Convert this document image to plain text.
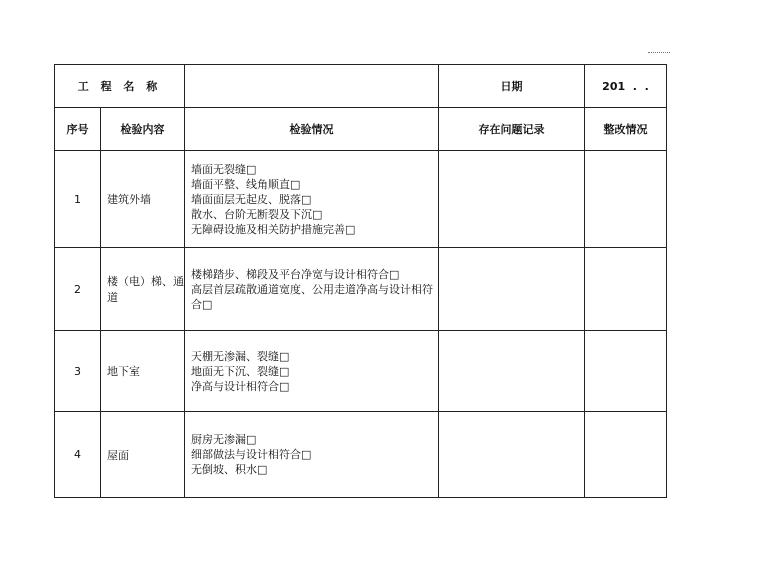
工 程 名 称			日期	201  .  .
序号	检验内容	检验情况	存在问题记录	整改情况
1	建筑外墙	墙面无裂缝□
墙面平整、线角顺直□
墙面面层无起皮、脱落□
散水、台阶无断裂及下沉□
无障碍设施及相关防护措施完善□		

2	楼（电）梯、通道	楼梯踏步、梯段及平台净宽与设计相符合□
高层首层疏散通道宽度、公用走道净高与设计相符合□		

3	地下室	天棚无渗漏、裂缝□
地面无下沉、裂缝□
净高与设计相符合□		

4	屋面	厨房无渗漏□
细部做法与设计相符合□
无倒坡、积水□		
